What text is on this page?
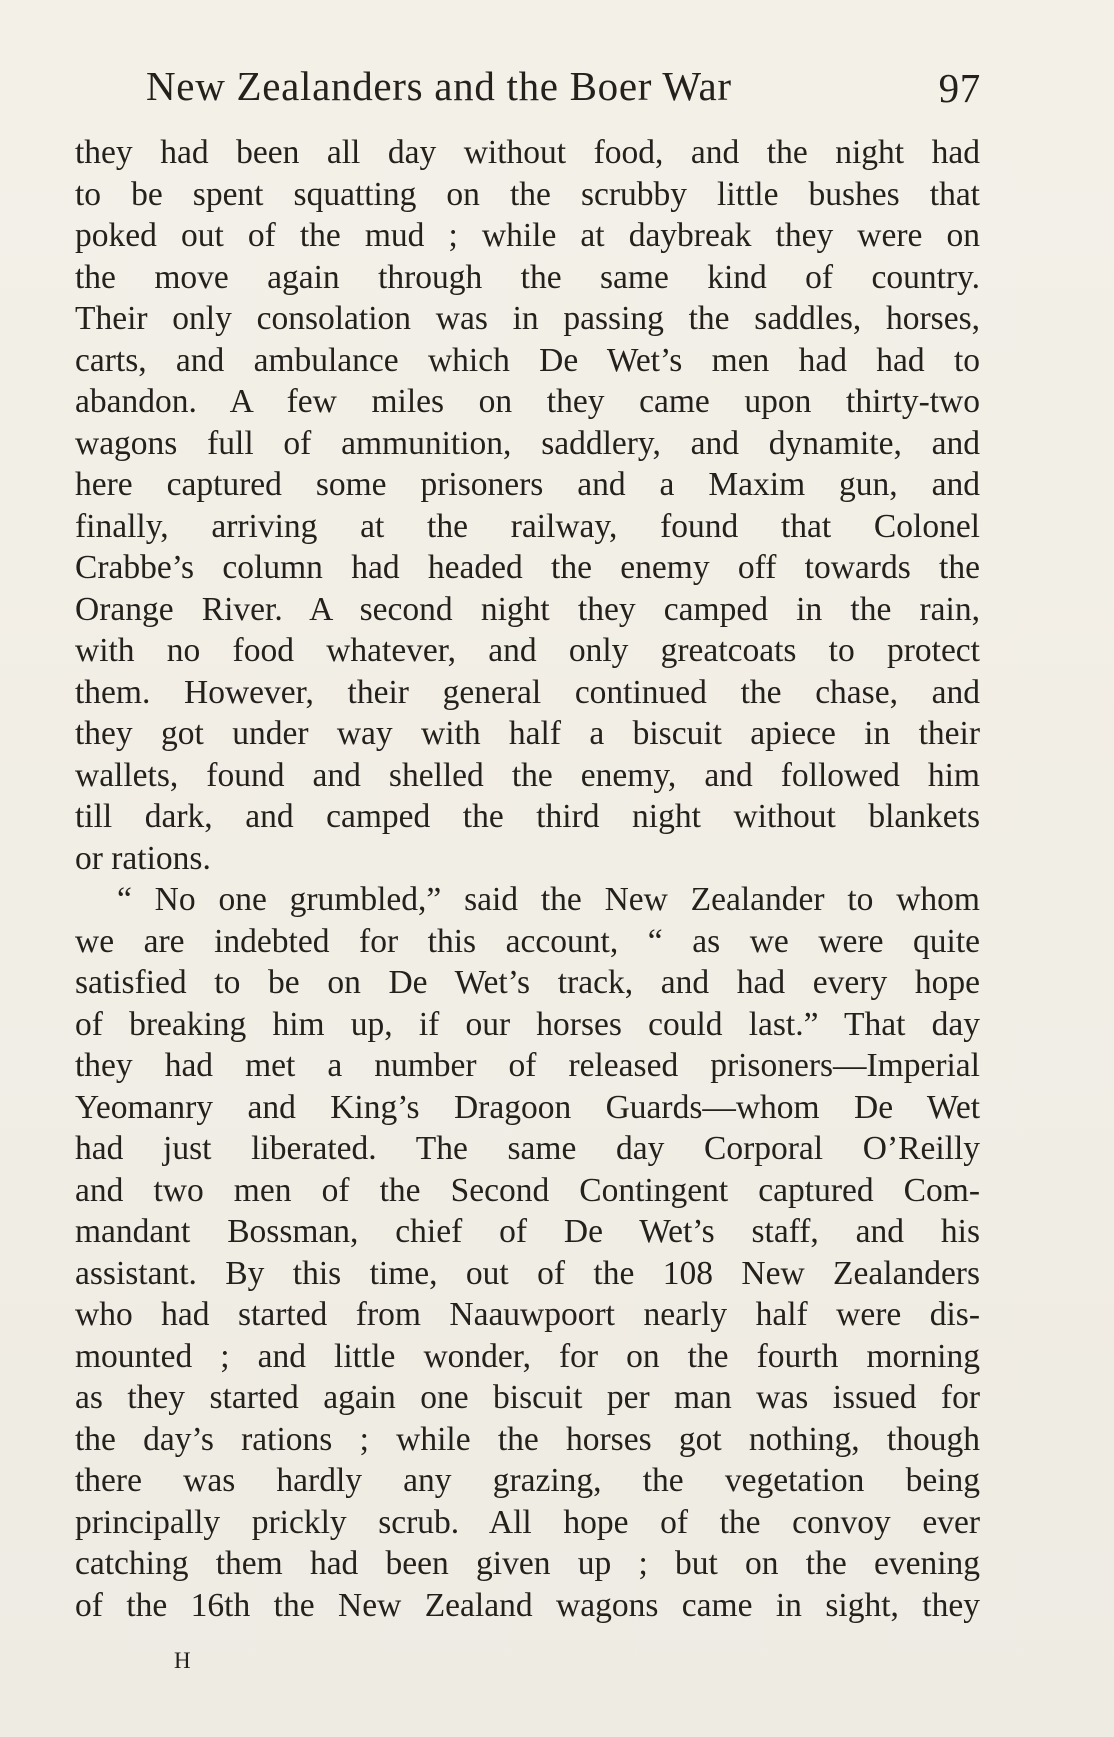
New Zealanders and the Boer War	97
they had been all day without food, and the night had
to be spent squatting on the scrubby little bushes that
poked out of the mud ; while at daybreak they were on
the move again through the same kind of country.
Their only consolation was in passing the saddles, horses,
carts, and ambulance which De Wet’s men had had to
abandon. A few miles on they came upon thirty-two
wagons full of ammunition, saddlery, and dynamite, and
here captured some prisoners and a Maxim gun, and
finally, arriving at the railway, found that Colonel
Crabbe’s column had headed the enemy off towards the
Orange River. A second night they camped in the rain,
with no food whatever, and only greatcoats to protect
them. However, their general continued the chase, and
they got under way with half a biscuit apiece in their
wallets, found and shelled the enemy, and followed him
till dark, and camped the third night without blankets
or rations.
“ No one grumbled,” said the New Zealander to whom
we are indebted for this account, “ as we were quite
satisfied to be on De Wet’s track, and had every hope
of breaking him up, if our horses could last.” That day
they had met a number of released prisoners—Imperial
Yeomanry and King’s Dragoon Guards—whom De Wet
had just liberated. The same day Corporal O’Reilly
and two men of the Second Contingent captured Com-
mandant Bossman, chief of De Wet’s staff, and his
assistant. By this time, out of the 108 New Zealanders
who had started from Naauwpoort nearly half were dis-
mounted ; and little wonder, for on the fourth morning
as they started again one biscuit per man was issued for
the day’s rations ; while the horses got nothing, though
there was hardly any grazing, the vegetation being
principally prickly scrub. All hope of the convoy ever
catching them had been given up ; but on the evening
of the 16th the New Zealand wagons came in sight, they
H
